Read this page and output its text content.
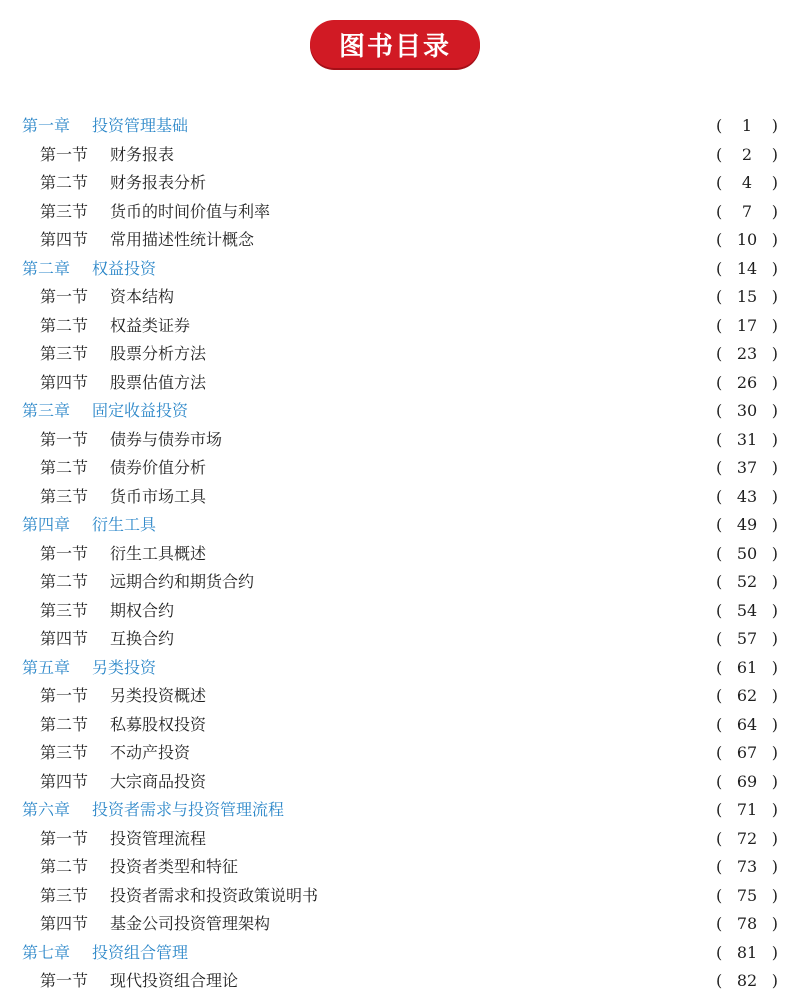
图书目录
第一章 投资管理基础	(	1	)
第一节 财务报表	(	2	)
第二节 财务报表分析	(	4	)
第三节 货币的时间价值与利率	(	7	)
第四节 常用描述性统计概念	( 10 )
第二章 权益投资	( 14 )
第一节 资本结构	( 15 )
第二节 权益类证券	( 17 )
第三节 股票分析方法	( 23 )
第四节 股票估值方法	( 26 )
第三章 固定收益投资	( 30 )
第一节 债券与债券市场	( 31 )
第二节 债券价值分析	( 37 )
第三节 货币市场工具	( 43 )
第四章 衍生工具	( 49 )
第一节 衍生工具概述	( 50 )
第二节 远期合约和期货合约	( 52 )
第三节 期权合约	( 54 )
第四节 互换合约	( 57 )
第五章 另类投资	( 61 )
第一节 另类投资概述	( 62 )
第二节 私募股权投资	( 64 )
第三节 不动产投资	( 67 )
第四节 大宗商品投资	( 69 )
第六章 投资者需求与投资管理流程	( 71 )
第一节 投资管理流程	( 72 )
第二节 投资者类型和特征	( 73 )
第三节 投资者需求和投资政策说明书	( 75 )
第四节 基金公司投资管理架构	( 78 )
第七章 投资组合管理	( 81 )
第一节 现代投资组合理论	( 82 )
